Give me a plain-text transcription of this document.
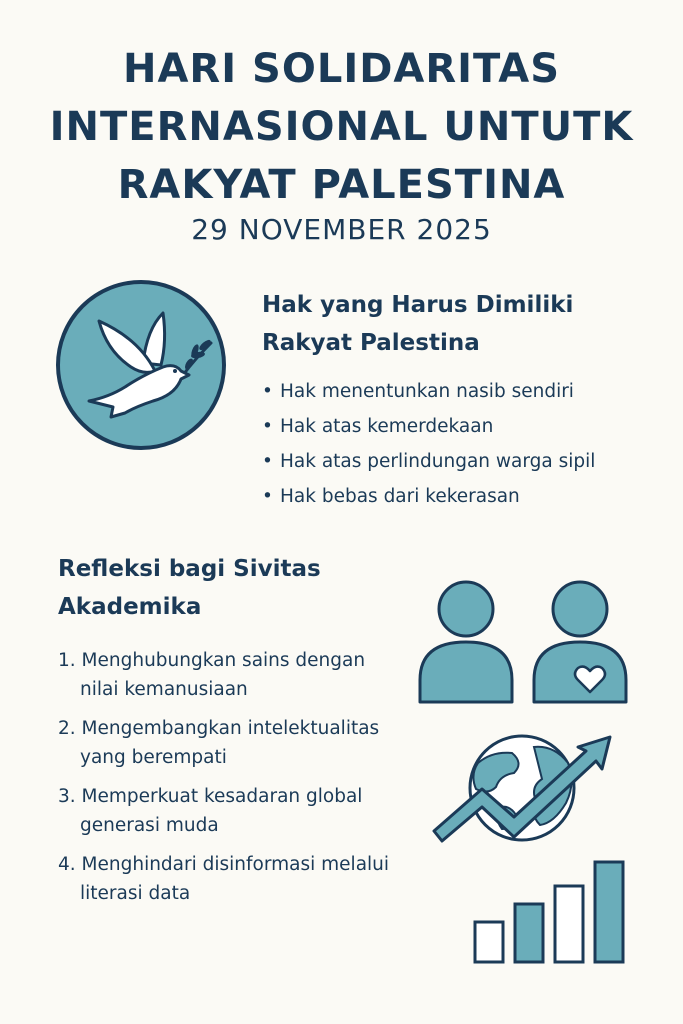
HARI SOLIDARITAS
INTERNASIONAL UNTUTK
RAKYAT PALESTINA
29 NOVEMBER 2025
Hak yang Harus Dimiliki
Rakyat Palestina
• Hak menentunkan nasib sendiri
• Hak atas kemerdekaan
• Hak atas perlindungan warga sipil
• Hak bebas dari kekerasan
Refleksi bagi Sivitas
Akademika
1. Menghubungkan sains dengan
nilai kemanusiaan
2. Mengembangkan intelektualitas
yang berempati
3. Memperkuat kesadaran global
generasi muda
4. Menghindari disinformasi melalui
literasi data
